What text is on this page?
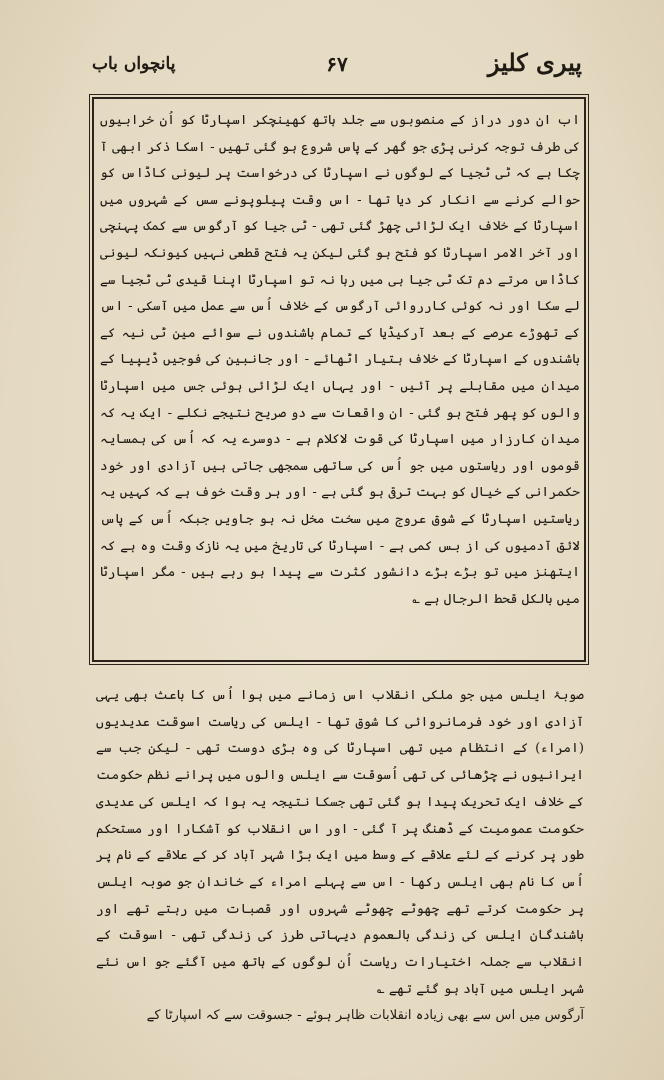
پیری کلیز
۶۷
پانچواں باب

اب ان دور دراز کے منصوبوں سے جلد ہاتھ کھینچکر اسپارٹا کو اُن خرابیوں کی طرف توجہ کرنی پڑی جو گھر کے پاس شروع ہو گئی تھیں - اسکا ذکر ابھی آ چکا ہے کہ ٹی ٹجیا کے لوگوں نے اسپارٹا کی درخواست پر لیونی کاڈاس کو حوالے کرنے سے انکار کر دیا تھا - اس وقت پیلوپونے سس کے شہروں میں اسپارٹا کے خلاف ایک لڑائی چھڑ گئی تھی - ٹی جیا کو آرگوس سے کمک پہنچی اور آخر الامر اسپارٹا کو فتح ہو گئی لیکن یہ فتح قطعی نہیں کیونکہ لیونی کاڈاس مرتے دم تک ٹی جیا ہی میں رہا نہ تو اسپارٹا اپنا قیدی ٹی ٹجیا سے لے سکا اور نہ کوئی کارروائی آرگوس کے خلاف اُس سے عمل میں آسکی - اس کے تھوڑے عرصے کے بعد آرکیڈیا کے تمام باشندوں نے سوائے مین ٹی نیہ کے باشندوں کے اسپارٹا کے خلاف ہتیار اٹھائے - اور جانبین کی فوجیں ڈیپیا کے میدان میں مقابلے پر آئیں - اور یہاں ایک لڑائی ہوئی جس میں اسپارٹا والوں کو پھر فتح ہو گئی - ان واقعات سے دو صریح نتیجے نکلے - ایک یہ کہ میدان کارزار میں اسپارٹا کی قوت لاکلام ہے - دوسرے یہ کہ اُس کی ہمسایہ قوموں اور ریاستوں میں جو اُس کی ساتھی سمجھی جاتی ہیں آزادی اور خود حکمرانی کے خیال کو بہت ترقی ہو گئی ہے - اور ہر وقت خوف ہے کہ کہیں یہ ریاستیں اسپارٹا کے شوق عروج میں سخت مخل نہ ہو جاویں جبکہ اُس کے پاس لائق آدمیوں کی از بس کمی ہے - اسپارٹا کی تاریخ میں یہ نازک وقت وہ ہے کہ ایتھنز میں تو بڑے بڑے دانشور کثرت سے پیدا ہو رہے ہیں - مگر اسپارٹا میں بالکل قحط الرجال ہے ؎

صوبۂ ایلس میں جو ملکی انقلاب اس زمانے میں ہوا اُس کا باعث بھی یہی آزادی اور خود فرمانروائی کا شوق تھا - ایلس کی ریاست اسوقت عدیدیوں (امراء) کے انتظام میں تھی اسپارٹا کی وہ بڑی دوست تھی - لیکن جب سے ایرانیوں نے چڑھائی کی تھی اُسوقت سے ایلس والوں میں پرانے نظم حکومت کے خلاف ایک تحریک پیدا ہو گئی تھی جسکا نتیجہ یہ ہوا کہ ایلس کی عدیدی حکومت عمومیت کے ڈھنگ پر آ گئی - اور اس انقلاب کو آشکارا اور مستحکم طور پر کرنے کے لئے علاقے کے وسط میں ایک بڑا شہر آباد کر کے علاقے کے نام پر اُس کا نام بھی ایلس رکھا - اس سے پہلے امراء کے خاندان جو صوبہ ایلس پر حکومت کرتے تھے چھوٹے چھوٹے شہروں اور قصبات میں رہتے تھے اور باشندگان ایلس کی زندگی بالعموم دیہاتی طرز کی زندگی تھی - اسوقت کے انقلاب سے جملہ اختیارات ریاست اُن لوگوں کے ہاتھ میں آگئے جو اس نئے شہر ایلس میں آباد ہو گئے تھے ؎

آرگوس میں اس سے بھی زیادہ انقلابات ظاہر ہوئے - جسوقت سے کہ اسپارٹا کے
